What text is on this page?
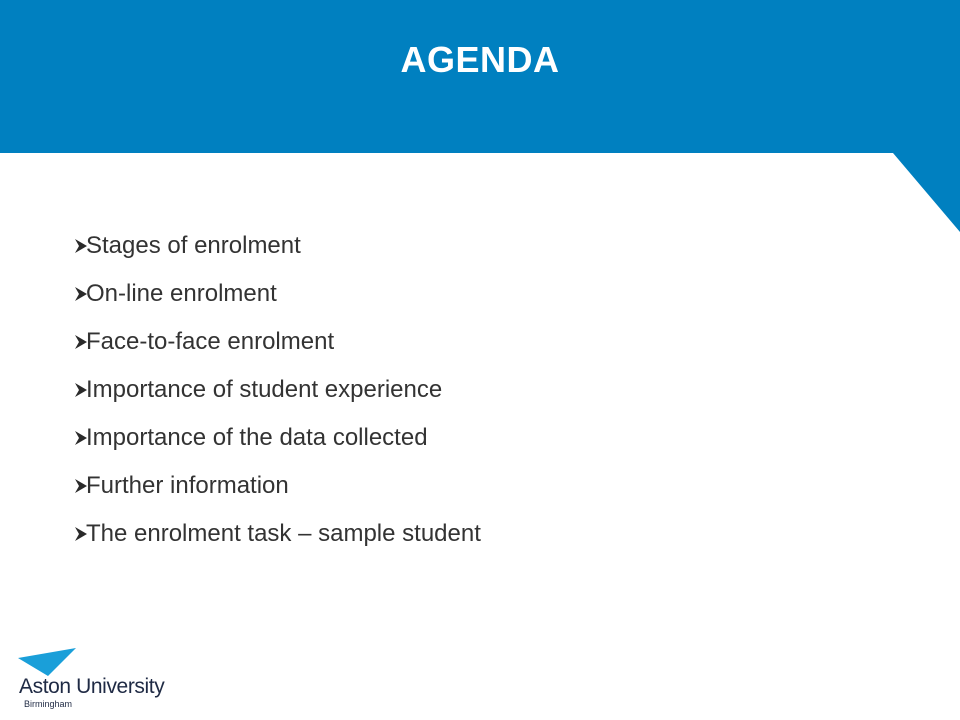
AGENDA
Stages of enrolment
On-line enrolment
Face-to-face enrolment
Importance of student experience
Importance of the data collected
Further information
The enrolment task – sample student
Aston University
Birmingham
